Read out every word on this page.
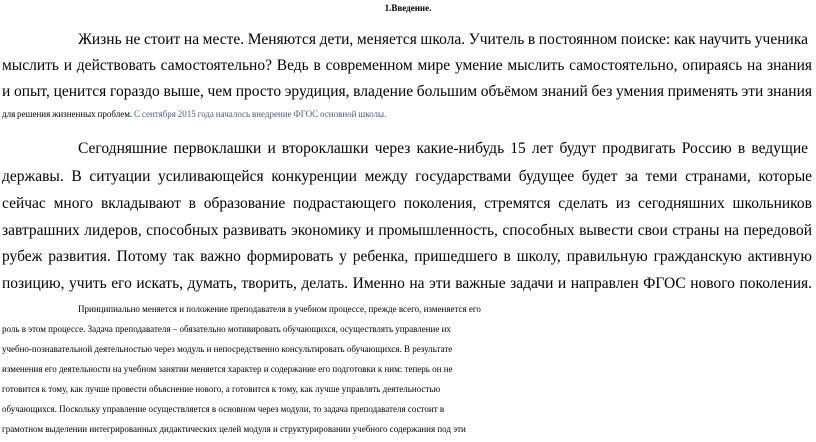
1.Введение.
Жизнь не стоит на месте. Меняются дети, меняется школа. Учитель в постоянном поиске: как научить ученика
мыслить и действовать самостоятельно? Ведь в современном мире умение мыслить самостоятельно, опираясь на знания
и опыт, ценится гораздо выше, чем просто эрудиция, владение большим объёмом знаний без умения применять эти знания
для решения жизненных проблем. С сентября 2015 года началось внедрение ФГОС основной школы.
Сегодняшние первоклашки и второклашки через какие-нибудь 15 лет будут продвигать Россию в ведущие
державы. В ситуации усиливающейся конкуренции между государствами будущее будет за теми странами, которые
сейчас много вкладывают в образование подрастающего поколения, стремятся сделать из сегодняшних школьников
завтрашних лидеров, способных развивать экономику и промышленность, способных вывести свои страны на передовой
рубеж развития. Потому так важно формировать у ребенка, пришедшего в школу, правильную гражданскую активную
позицию, учить его искать, думать, творить, делать. Именно на эти важные задачи и направлен ФГОС нового поколения.
Принципиально меняется и положение преподавателя в учебном процессе, прежде всего, изменяется его
роль в этом процессе. Задача преподавателя – обязательно мотивировать обучающихся, осуществлять управление их
учебно-познавательной деятельностью через модуль и непосредственно консультировать обучающихся. В результате
изменения его деятельности на учебном занятии меняется характер и содержание его подготовки к ним: теперь он не
готовится к тому, как лучше провести объяснение нового, а готовится к тому, как лучше управлять деятельностью
обучающихся. Поскольку управление осуществляется в основном через модули, то задача преподавателя состоит в
грамотном выделении интегрированных дидактических целей модуля и структурировании учебного содержания под эти
